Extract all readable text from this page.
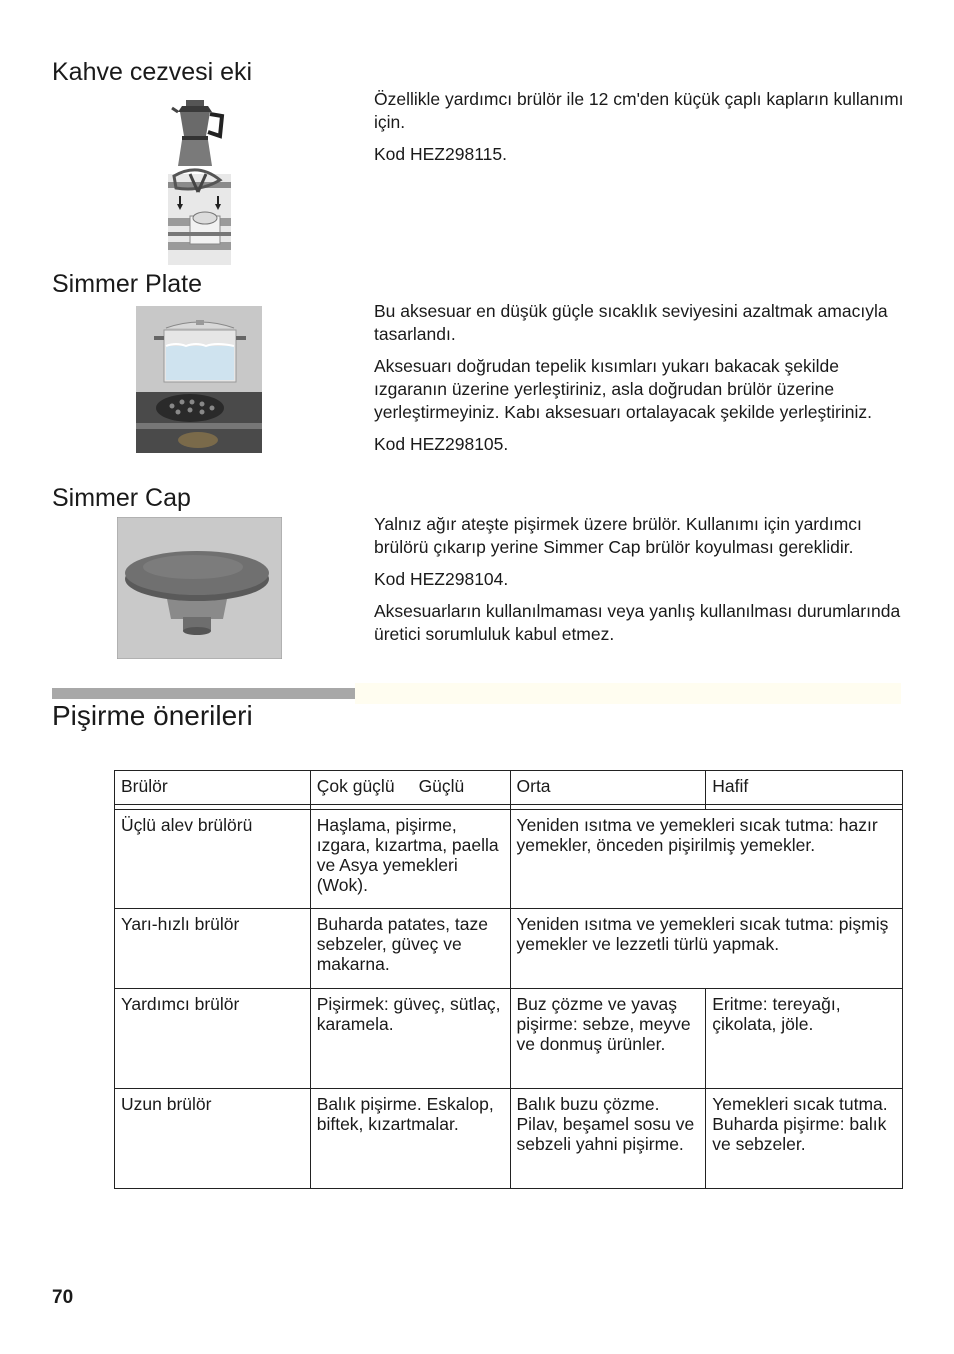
Kahve cezvesi eki

Özellikle yardımcı brülör ile 12 cm'den küçük çaplı kapların kullanımı için.

Kod HEZ298115.

Simmer Plate

Bu aksesuar en düşük güçle sıcaklık seviyesini azaltmak amacıyla tasarlandı.

Aksesuarı doğrudan tepelik kısımları yukarı bakacak şekilde ızgaranın üzerine yerleştiriniz, asla doğrudan brülör üzerine yerleştirmeyiniz. Kabı aksesuarı ortalayacak şekilde yerleştiriniz.

Kod HEZ298105.

Simmer Cap

Yalnız ağır ateşte pişirmek üzere brülör. Kullanımı için yardımcı brülörü çıkarıp yerine Simmer Cap brülör koyulması gereklidir.

Kod HEZ298104.

Aksesuarların kullanılmaması veya yanlış kullanılması durumlarında üretici sorumluluk kabul etmez.

Pişirme önerileri
Brülör	Çok güçlü Güçlü	Orta	Hafif

Üçlü alev brülörü	Haşlama, pişirme, ızgara, kızartma, paella ve Asya yemekleri (Wok).	Yeniden ısıtma ve yemekleri sıcak tutma: hazır yemekler, önceden pişirilmiş yemekler.	
Yarı-hızlı brülör	Buharda patates, taze sebzeler, güveç ve makarna.	Yeniden ısıtma ve yemekleri sıcak tutma: pişmiş yemekler ve lezzetli türlü yapmak.	
Yardımcı brülör	Pişirmek: güveç, sütlaç, karamela.	Buz çözme ve yavaş pişirme: sebze, meyve ve donmuş ürünler.	Eritme: tereyağı, çikolata, jöle.
Uzun brülör	Balık pişirme. Eskalop, biftek, kızartmalar.	Balık buzu çözme. Pilav, beşamel sosu ve sebzeli yahni pişirme.	Yemekleri sıcak tutma. Buharda pişirme: balık ve sebzeler.
70
